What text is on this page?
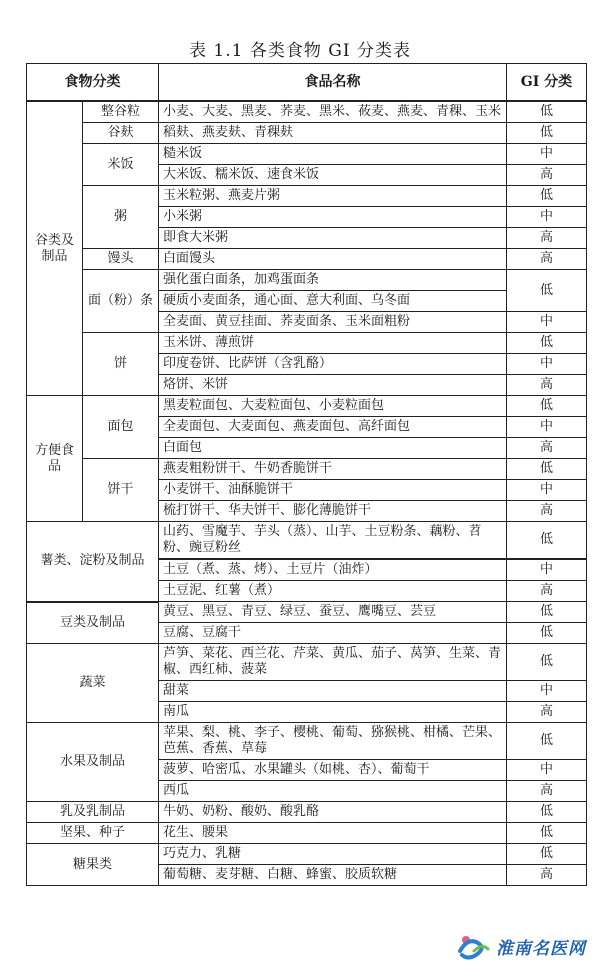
表 1.1 各类食物 GI 分类表
食物分类		食品名称	GI 分类
谷类及制品	整谷粒	小麦、大麦、黑麦、荞麦、黑米、莜麦、燕麦、青稞、玉米	低
	谷麸	稻麸、燕麦麸、青稞麸	低
	米饭	糙米饭	中
		大米饭、糯米饭、速食米饭	高
	粥	玉米粒粥、燕麦片粥	低
		小米粥	中
		即食大米粥	高
	馒头	白面馒头	高
	面（粉）条	强化蛋白面条，加鸡蛋面条	低
		硬质小麦面条，通心面、意大利面、乌冬面	
		全麦面、黄豆挂面、荞麦面条、玉米面粗粉	中
	饼	玉米饼、薄煎饼	低
		印度卷饼、比萨饼（含乳酪）	中
		烙饼、米饼	高
方便食品	面包	黑麦粒面包、大麦粒面包、小麦粒面包	低
		全麦面包、大麦面包、燕麦面包、高纤面包	中
		白面包	高
	饼干	燕麦粗粉饼干、牛奶香脆饼干	低
		小麦饼干、油酥脆饼干	中
		梳打饼干、华夫饼干、膨化薄脆饼干	高
薯类、淀粉及制品		山药、雪魔芋、芋头（蒸）、山芋、土豆粉条、藕粉、苕粉、豌豆粉丝	低
		土豆（煮、蒸、烤）、土豆片（油炸）	中
		土豆泥、红薯（煮）	高
豆类及制品		黄豆、黑豆、青豆、绿豆、蚕豆、鹰嘴豆、芸豆	低
		豆腐、豆腐干	低
蔬菜		芦笋、菜花、西兰花、芹菜、黄瓜、茄子、莴笋、生菜、青椒、西红柿、菠菜	低
		甜菜	中
		南瓜	高
水果及制品		苹果、梨、桃、李子、樱桃、葡萄、猕猴桃、柑橘、芒果、芭蕉、香蕉、草莓	低
		菠萝、哈密瓜、水果罐头（如桃、杏）、葡萄干	中
		西瓜	高
乳及乳制品		牛奶、奶粉、酸奶、酸乳酪	低
坚果、种子		花生、腰果	低
糖果类		巧克力、乳糖	低
		葡萄糖、麦芽糖、白糖、蜂蜜、胶质软糖	高
淮南名医网
